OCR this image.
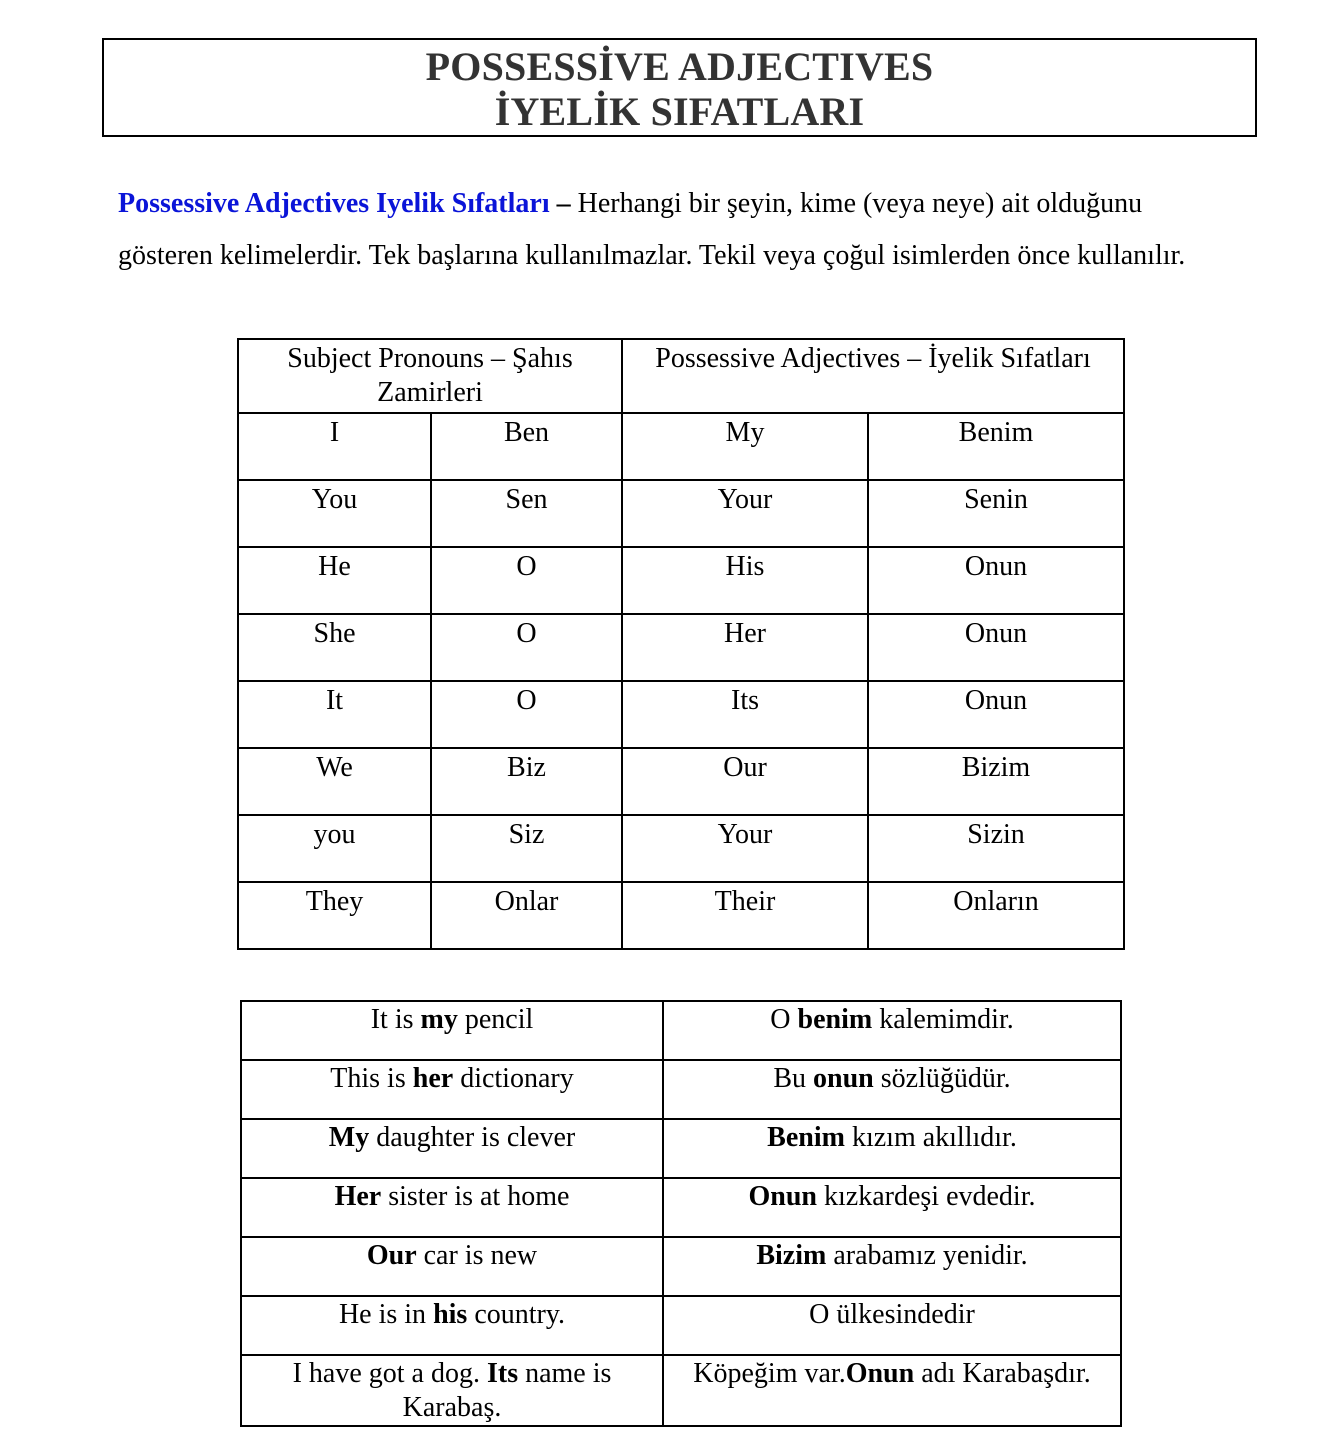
POSSESSİVE ADJECTIVES
İYELİK SIFATLARI
Possessive Adjectives Iyelik Sıfatları – Herhangi bir şeyin, kime (veya neye) ait olduğunu gösteren kelimelerdir. Tek başlarına kullanılmazlar. Tekil veya çoğul isimlerden önce kullanılır.
Subject Pronouns – Şahıs Zamirleri		Possessive Adjectives – İyelik Sıfatları	
I	Ben	My	Benim
You	Sen	Your	Senin
He	O	His	Onun
She	O	Her	Onun
It	O	Its	Onun
We	Biz	Our	Bizim
you	Siz	Your	Sizin
They	Onlar	Their	Onların
It is my pencil	O benim kalemimdir.
This is her dictionary	Bu onun sözlüğüdür.
My daughter is clever	Benim kızım akıllıdır.
Her sister is at home	Onun kızkardeşi evdedir.
Our car is new	Bizim arabamız yenidir.
He is in his country.	O ülkesindedir
I have got a dog. Its name is Karabaş.	Köpeğim var.Onun adı Karabaşdır.
